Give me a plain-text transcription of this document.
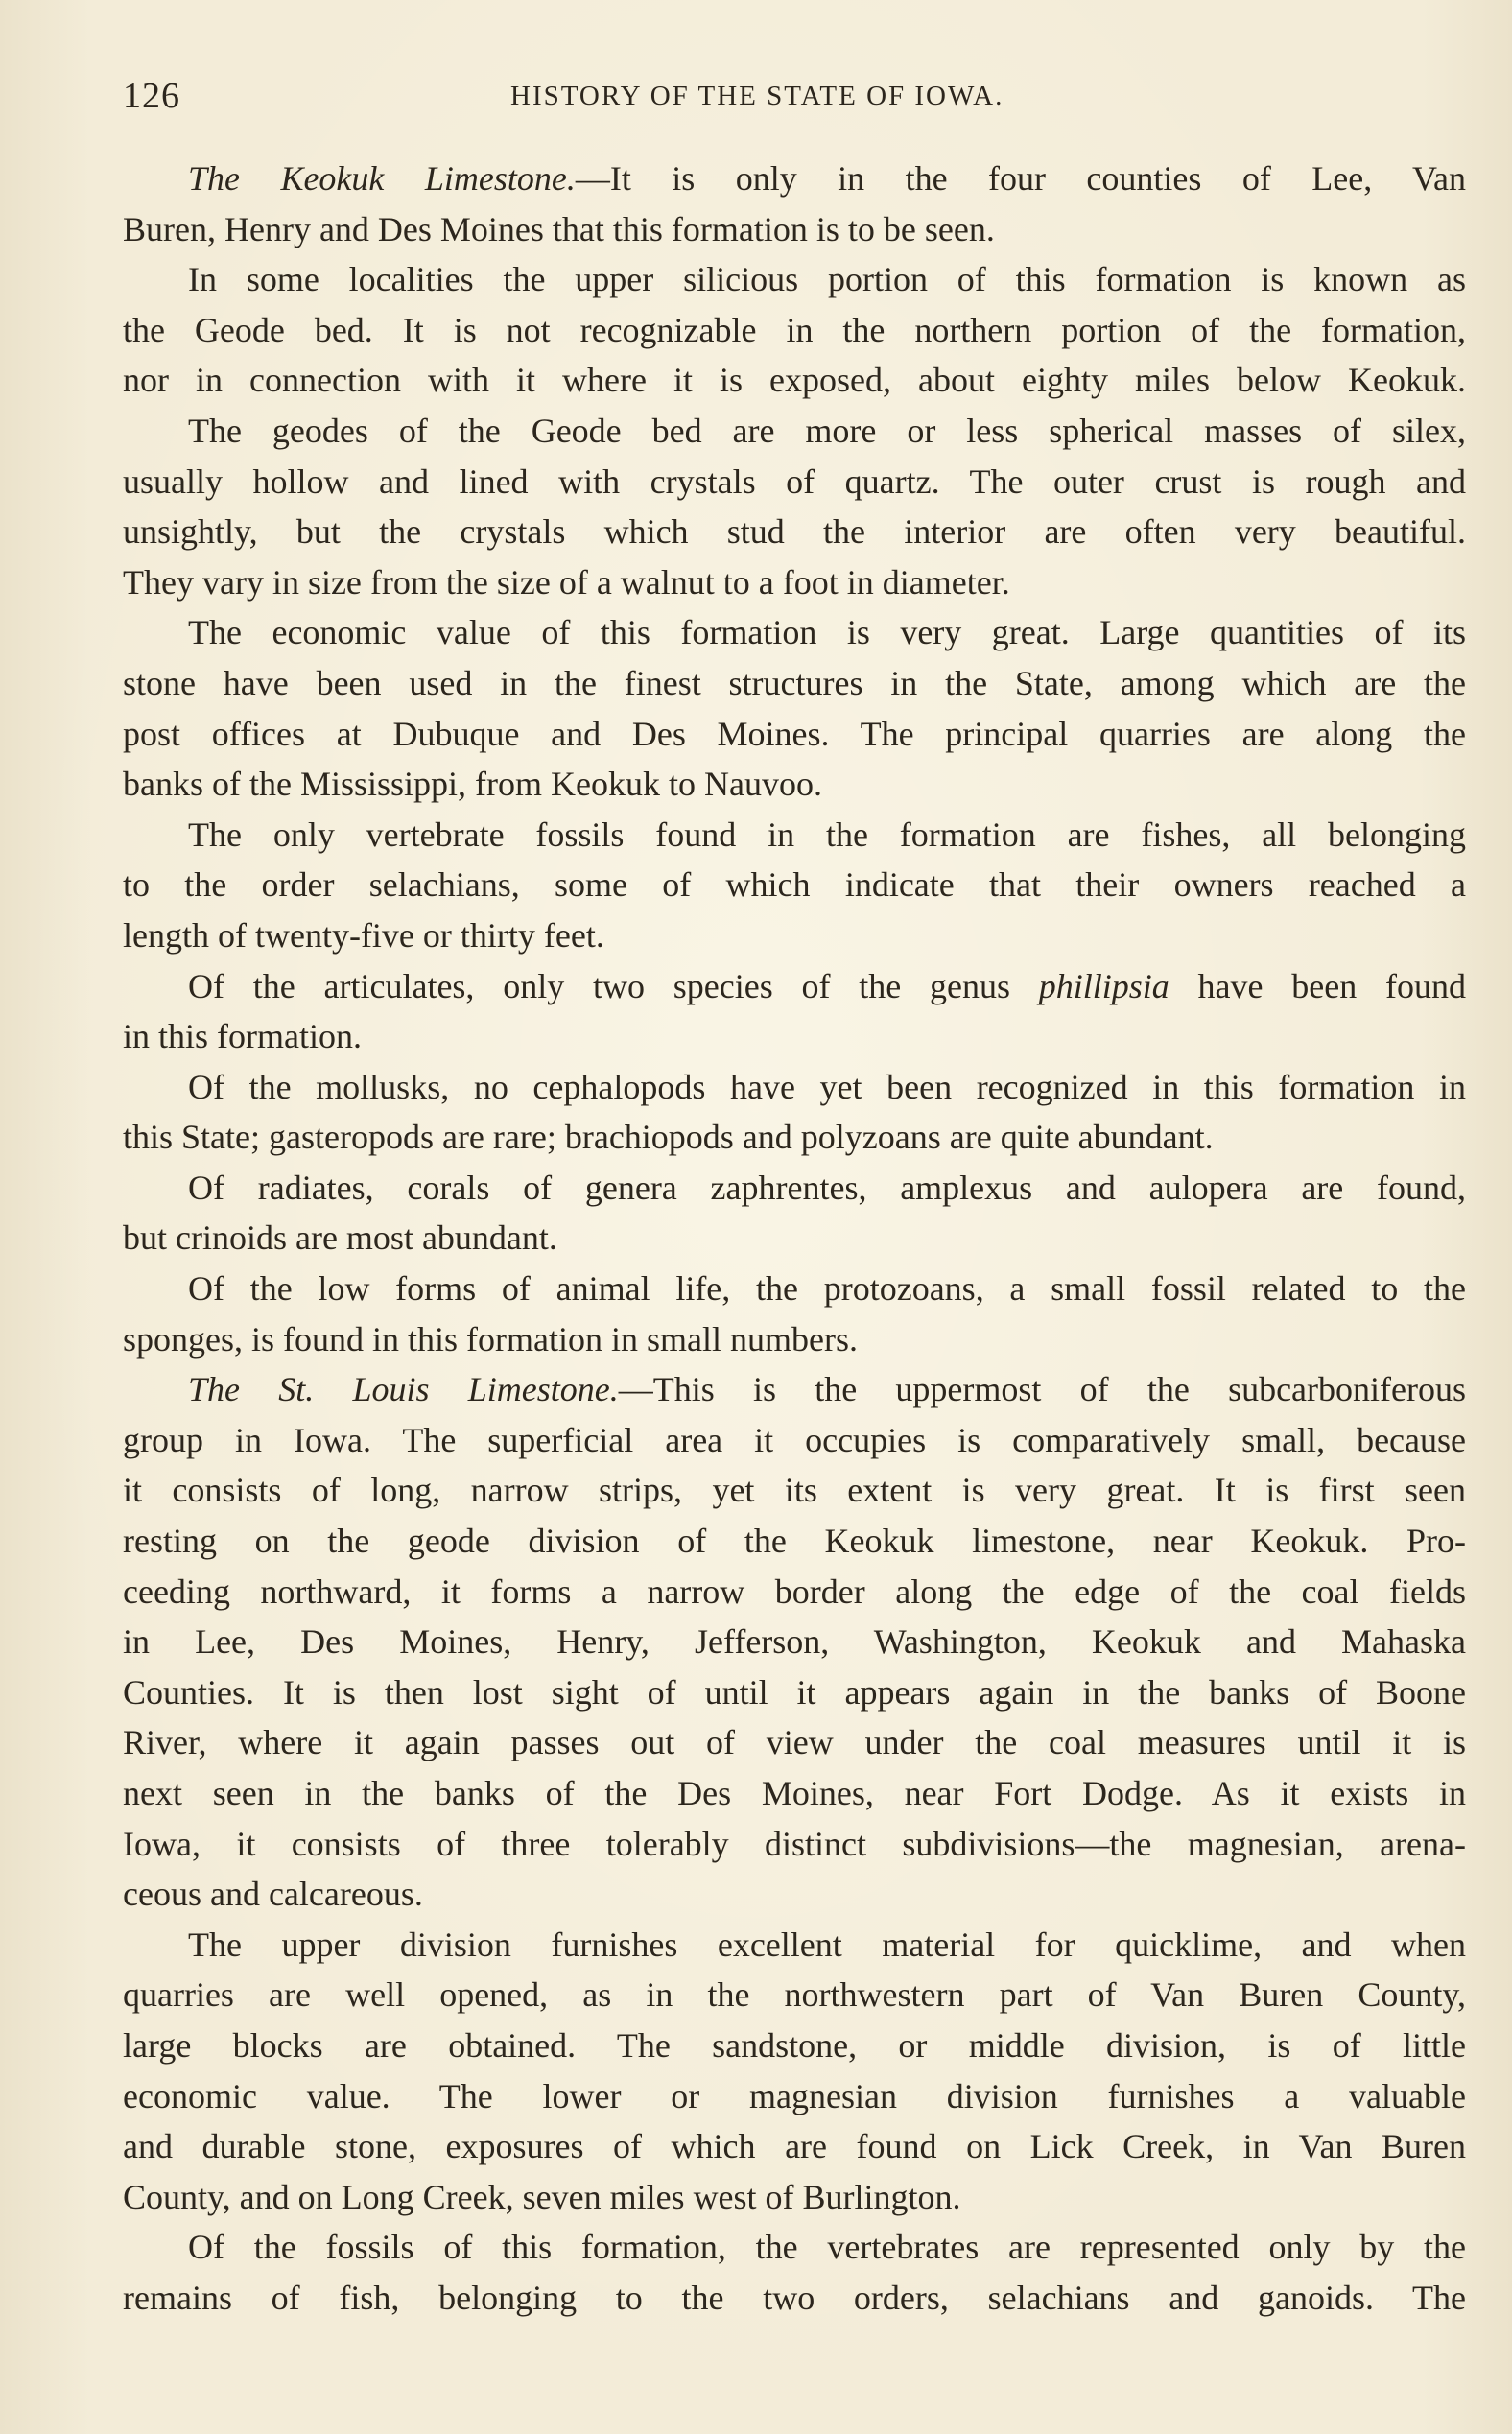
126	HISTORY OF THE STATE OF IOWA.
The Keokuk Limestone.—It is only in the four counties of Lee, Van
Buren, Henry and Des Moines that this formation is to be seen.
In some localities the upper silicious portion of this formation is known as
the Geode bed. It is not recognizable in the northern portion of the formation,
nor in connection with it where it is exposed, about eighty miles below Keokuk.
The geodes of the Geode bed are more or less spherical masses of silex,
usually hollow and lined with crystals of quartz. The outer crust is rough and
unsightly, but the crystals which stud the interior are often very beautiful.
They vary in size from the size of a walnut to a foot in diameter.
The economic value of this formation is very great. Large quantities of its
stone have been used in the finest structures in the State, among which are the
post offices at Dubuque and Des Moines. The principal quarries are along the
banks of the Mississippi, from Keokuk to Nauvoo.
The only vertebrate fossils found in the formation are fishes, all belonging
to the order selachians, some of which indicate that their owners reached a
length of twenty-five or thirty feet.
Of the articulates, only two species of the genus phillipsia have been found
in this formation.
Of the mollusks, no cephalopods have yet been recognized in this formation in
this State; gasteropods are rare; brachiopods and polyzoans are quite abundant.
Of radiates, corals of genera zaphrentes, amplexus and aulopera are found,
but crinoids are most abundant.
Of the low forms of animal life, the protozoans, a small fossil related to the
sponges, is found in this formation in small numbers.
The St. Louis Limestone.—This is the uppermost of the subcarboniferous
group in Iowa. The superficial area it occupies is comparatively small, because
it consists of long, narrow strips, yet its extent is very great. It is first seen
resting on the geode division of the Keokuk limestone, near Keokuk. Pro-
ceeding northward, it forms a narrow border along the edge of the coal fields
in Lee, Des Moines, Henry, Jefferson, Washington, Keokuk and Mahaska
Counties. It is then lost sight of until it appears again in the banks of Boone
River, where it again passes out of view under the coal measures until it is
next seen in the banks of the Des Moines, near Fort Dodge. As it exists in
Iowa, it consists of three tolerably distinct subdivisions—the magnesian, arena-
ceous and calcareous.
The upper division furnishes excellent material for quicklime, and when
quarries are well opened, as in the northwestern part of Van Buren County,
large blocks are obtained. The sandstone, or middle division, is of little
economic value. The lower or magnesian division furnishes a valuable
and durable stone, exposures of which are found on Lick Creek, in Van Buren
County, and on Long Creek, seven miles west of Burlington.
Of the fossils of this formation, the vertebrates are represented only by the
remains of fish, belonging to the two orders, selachians and ganoids. The
